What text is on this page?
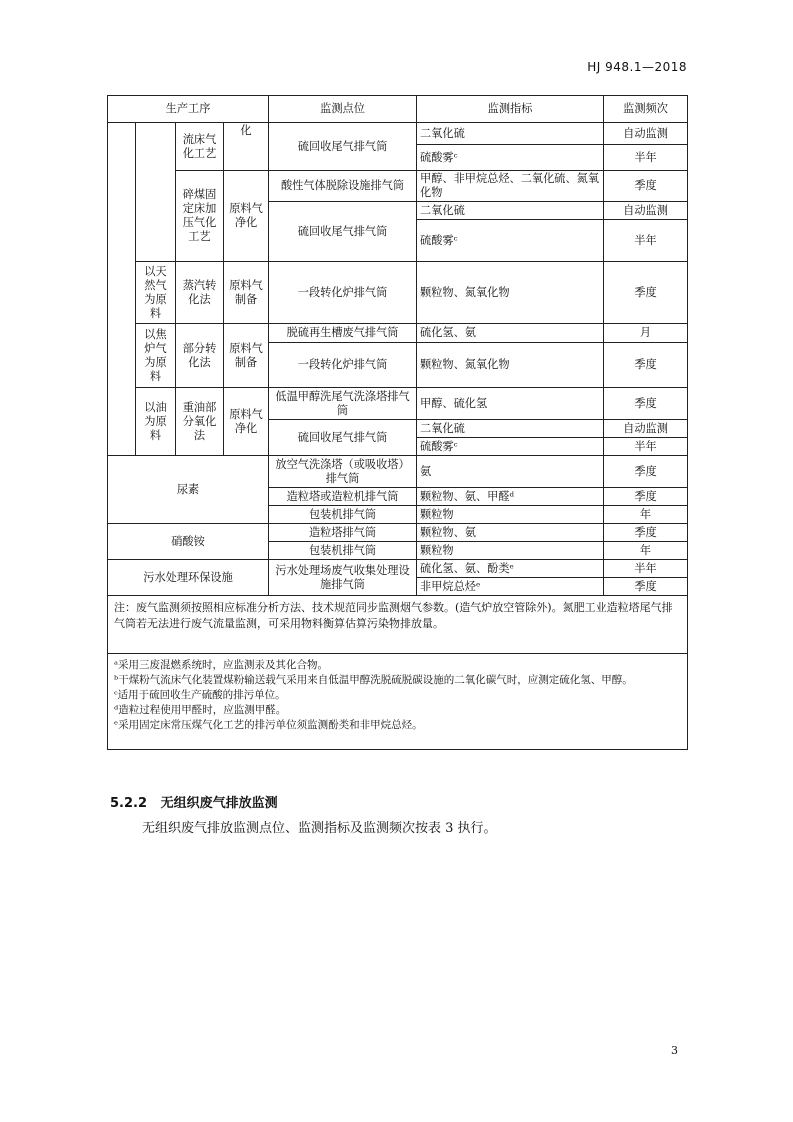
HJ 948.1—2018
生产工序				监测点位	监测指标	监测频次
		流床气化工艺	化	硫回收尾气排气筒	二氧化硫	自动监测
					硫酸雾ᶜ	半年
		碎煤固定床加压气化工艺	原料气净化	酸性气体脱除设施排气筒	甲醇、非甲烷总烃、二氧化硫、氮氧化物	季度
				硫回收尾气排气筒	二氧化硫	自动监测
					硫酸雾ᶜ	半年
	以天然气为原料	蒸汽转化法	原料气制备	一段转化炉排气筒	颗粒物、氮氧化物	季度
	以焦炉气为原料	部分转化法	原料气制备	脱硫再生槽废气排气筒	硫化氢、氨	月
				一段转化炉排气筒	颗粒物、氮氧化物	季度
	以油为原料	重油部分氧化法	原料气净化	低温甲醇洗尾气洗涤塔排气筒	甲醇、硫化氢	季度
				硫回收尾气排气筒	二氧化硫	自动监测
					硫酸雾ᶜ	半年
尿素				放空气洗涤塔（或吸收塔）排气筒	氨	季度
				造粒塔或造粒机排气筒	颗粒物、氨、甲醛ᵈ	季度
				包装机排气筒	颗粒物	年
硝酸铵				造粒塔排气筒	颗粒物、氨	季度
				包装机排气筒	颗粒物	年
污水处理环保设施				污水处理场废气收集处理设施排气筒	硫化氢、氨、酚类ᵉ	半年
					非甲烷总烃ᵉ	季度
注：废气监测须按照相应标准分析方法、技术规范同步监测烟气参数。(造气炉放空管除外)。氮肥工业造粒塔尾气排气筒若无法进行废气流量监测，可采用物料衡算估算污染物排放量。						

ᵃ采用三废混燃系统时，应监测汞及其化合物。
ᵇ干煤粉气流床气化装置煤粉输送载气采用来自低温甲醇洗脱硫脱碳设施的二氧化碳气时，应测定硫化氢、甲醇。
ᶜ适用于硫回收生产硫酸的排污单位。
ᵈ造粒过程使用甲醛时，应监测甲醛。
ᵉ采用固定床常压煤气化工艺的排污单位须监测酚类和非甲烷总烃。						
5.2.2 无组织废气排放监测
无组织废气排放监测点位、监测指标及监测频次按表 3 执行。
3
